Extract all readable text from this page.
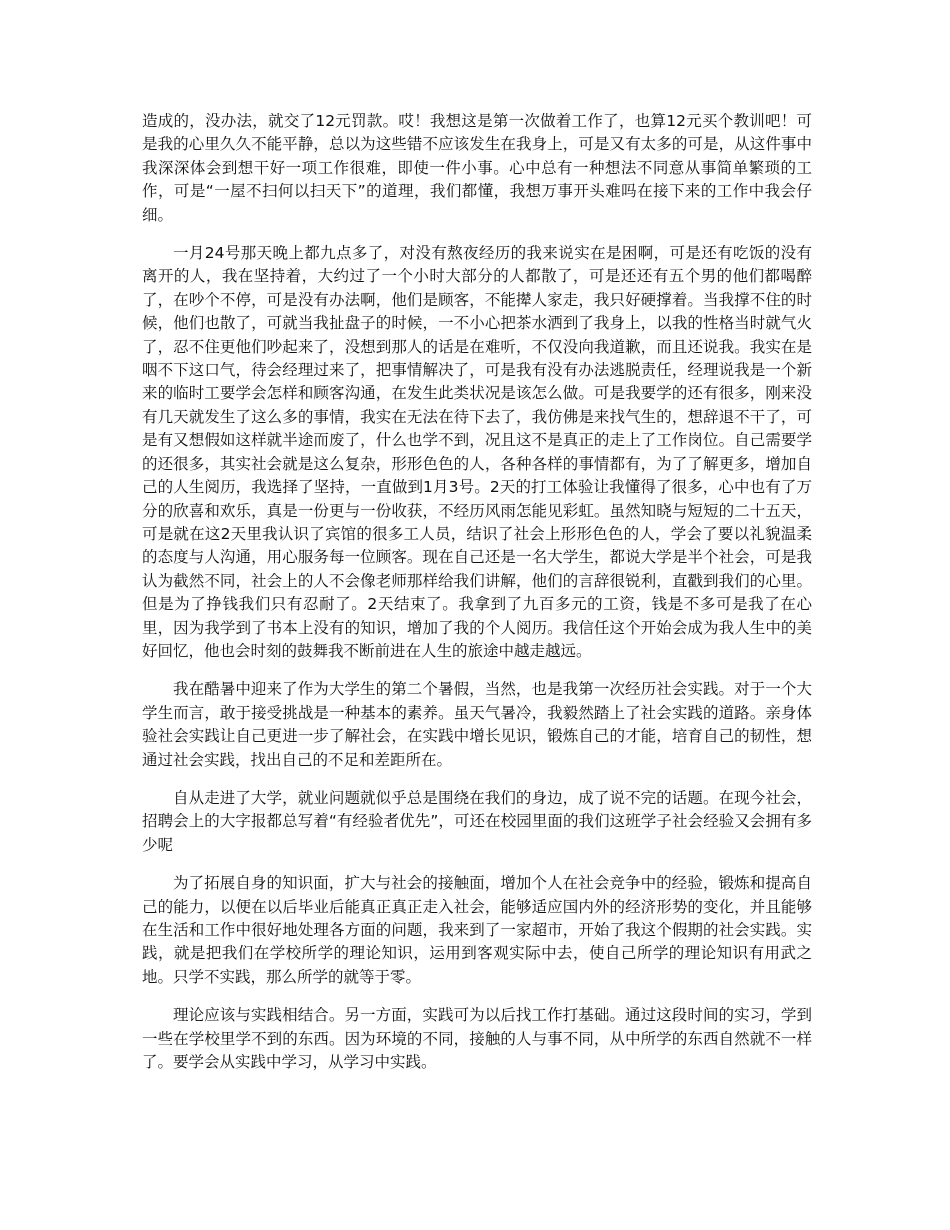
造成的，没办法，就交了12元罚款。哎！我想这是第一次做着工作了，也算12元买个教训吧！可是我的心里久久不能平静，总以为这些错不应该发生在我身上，可是又有太多的可是，从这件事中我深深体会到想干好一项工作很难，即使一件小事。心中总有一种想法不同意从事简单繁琐的工作，可是“一屋不扫何以扫天下”的道理，我们都懂，我想万事开头难吗在接下来的工作中我会仔细。

一月24号那天晚上都九点多了，对没有熬夜经历的我来说实在是困啊，可是还有吃饭的没有离开的人，我在坚持着，大约过了一个小时大部分的人都散了，可是还还有五个男的他们都喝醉了，在吵个不停，可是没有办法啊，他们是顾客，不能撵人家走，我只好硬撑着。当我撑不住的时候，他们也散了，可就当我扯盘子的时候，一不小心把茶水洒到了我身上，以我的性格当时就气火了，忍不住更他们吵起来了，没想到那人的话是在难听，不仅没向我道歉，而且还说我。我实在是咽不下这口气，待会经理过来了，把事情解决了，可是我有没有办法逃脱责任，经理说我是一个新来的临时工要学会怎样和顾客沟通，在发生此类状况是该怎么做。可是我要学的还有很多，刚来没有几天就发生了这么多的事情，我实在无法在待下去了，我仿佛是来找气生的，想辞退不干了，可是有又想假如这样就半途而废了，什么也学不到，况且这不是真正的走上了工作岗位。自己需要学的还很多，其实社会就是这么复杂，形形色色的人，各种各样的事情都有，为了了解更多，增加自己的人生阅历，我选择了坚持，一直做到1月3号。2天的打工体验让我懂得了很多，心中也有了万分的欣喜和欢乐，真是一份更与一份收获，不经历风雨怎能见彩虹。虽然知晓与短短的二十五天，可是就在这2天里我认识了宾馆的很多工人员，结识了社会上形形色色的人，学会了要以礼貌温柔的态度与人沟通，用心服务每一位顾客。现在自己还是一名大学生，都说大学是半个社会，可是我认为截然不同，社会上的人不会像老师那样给我们讲解，他们的言辞很锐利，直戳到我们的心里。但是为了挣钱我们只有忍耐了。2天结束了。我拿到了九百多元的工资，钱是不多可是我了在心里，因为我学到了书本上没有的知识，增加了我的个人阅历。我信任这个开始会成为我人生中的美好回忆，他也会时刻的鼓舞我不断前进在人生的旅途中越走越远。

我在酷暑中迎来了作为大学生的第二个暑假，当然，也是我第一次经历社会实践。对于一个大学生而言，敢于接受挑战是一种基本的素养。虽天气暑冷，我毅然踏上了社会实践的道路。亲身体验社会实践让自己更进一步了解社会，在实践中增长见识，锻炼自己的才能，培育自己的韧性，想通过社会实践，找出自己的不足和差距所在。

自从走进了大学，就业问题就似乎总是围绕在我们的身边，成了说不完的话题。在现今社会，招聘会上的大字报都总写着“有经验者优先”，可还在校园里面的我们这班学子社会经验又会拥有多少呢

为了拓展自身的知识面，扩大与社会的接触面，增加个人在社会竞争中的经验，锻炼和提高自己的能力，以便在以后毕业后能真正真正走入社会，能够适应国内外的经济形势的变化，并且能够在生活和工作中很好地处理各方面的问题，我来到了一家超市，开始了我这个假期的社会实践。实践，就是把我们在学校所学的理论知识，运用到客观实际中去，使自己所学的理论知识有用武之地。只学不实践，那么所学的就等于零。

理论应该与实践相结合。另一方面，实践可为以后找工作打基础。通过这段时间的实习，学到一些在学校里学不到的东西。因为环境的不同，接触的人与事不同，从中所学的东西自然就不一样了。要学会从实践中学习，从学习中实践。
